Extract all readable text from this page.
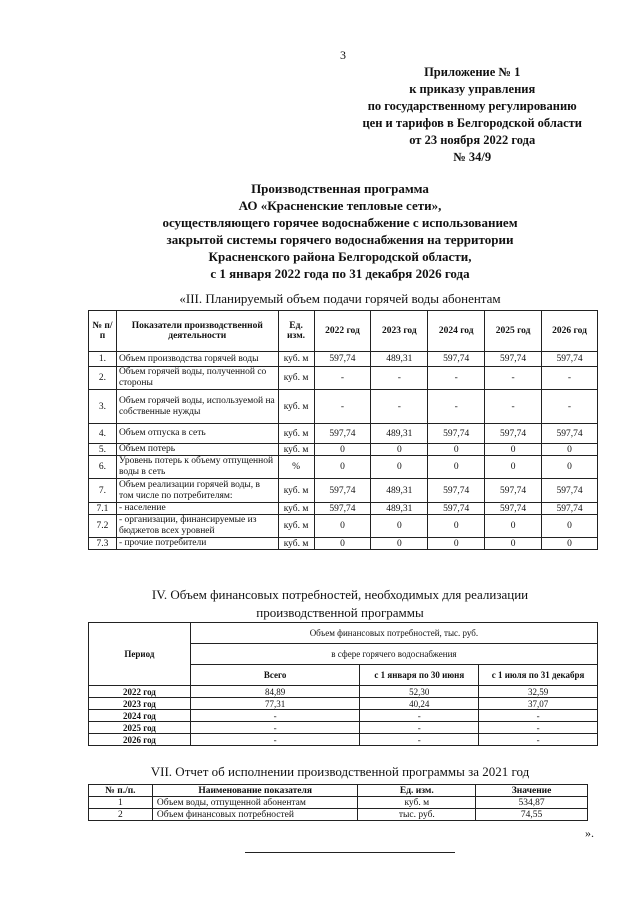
3
Приложение № 1
к приказу управления
по государственному регулированию
цен и тарифов в Белгородской области
от 23 ноября 2022 года
№ 34/9
Производственная программа
АО «Красненские тепловые сети»,
осуществляющего горячее водоснабжение с использованием
закрытой системы горячего водоснабжения на территории
Красненского района Белгородской области,
с 1 января 2022 года по 31 декабря 2026 года
«III. Планируемый объем подачи горячей воды абонентам
№ п/п	Показатели производственной деятельности	Ед. изм.	2022 год	2023 год	2024 год	2025 год	2026 год
1.	Объем производства горячей воды	куб. м	597,74	489,31	597,74	597,74	597,74
2.	Объем горячей воды, полученной со стороны	куб. м	-	-	-	-	-
3.	Объем горячей воды, используемой на собственные нужды	куб. м	-	-	-	-	-
4.	Объем отпуска в сеть	куб. м	597,74	489,31	597,74	597,74	597,74
5.	Объем потерь	куб. м	0	0	0	0	0
6.	Уровень потерь к объему отпущенной воды в сеть	%	0	0	0	0	0
7.	Объем реализации горячей воды, в том числе по потребителям:	куб. м	597,74	489,31	597,74	597,74	597,74
7.1	- население	куб. м	597,74	489,31	597,74	597,74	597,74
7.2	- организации, финансируемые из бюджетов всех уровней	куб. м	0	0	0	0	0
7.3	- прочие потребители	куб. м	0	0	0	0	0
IV. Объем финансовых потребностей, необходимых для реализации
производственной программы
Период	Объем финансовых потребностей, тыс. руб.		
	в сфере горячего водоснабжения		
	Всего	с 1 января по 30 июня	с 1 июля по 31 декабря
2022 год	84,89	52,30	32,59
2023 год	77,31	40,24	37,07
2024 год	-	-	-
2025 год	-	-	-
2026 год	-	-	-
VII. Отчет об исполнении производственной программы за 2021 год
№ п./п.	Наименование показателя	Ед. изм.	Значение
1	Объем воды, отпущенной абонентам	куб. м	534,87
2	Объем финансовых потребностей	тыс. руб.	74,55
».
